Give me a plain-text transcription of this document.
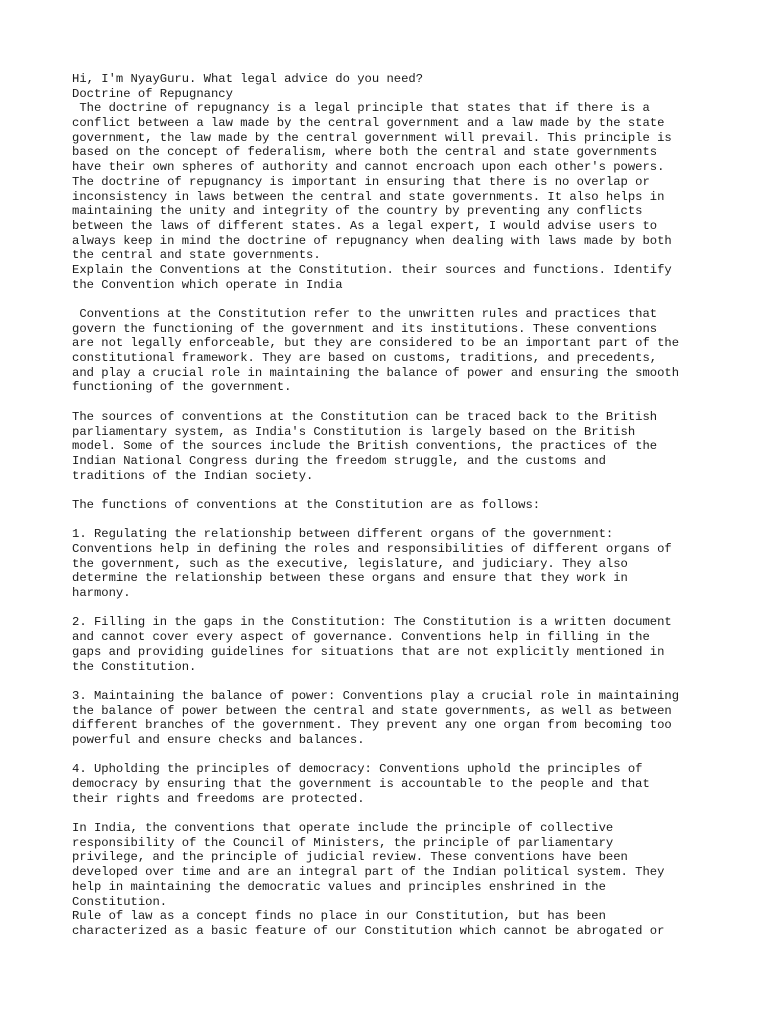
Hi, I'm NyayGuru. What legal advice do you need?
Doctrine of Repugnancy
The doctrine of repugnancy is a legal principle that states that if there is a
conflict between a law made by the central government and a law made by the state
government, the law made by the central government will prevail. This principle is
based on the concept of federalism, where both the central and state governments
have their own spheres of authority and cannot encroach upon each other's powers.
The doctrine of repugnancy is important in ensuring that there is no overlap or
inconsistency in laws between the central and state governments. It also helps in
maintaining the unity and integrity of the country by preventing any conflicts
between the laws of different states. As a legal expert, I would advise users to
always keep in mind the doctrine of repugnancy when dealing with laws made by both
the central and state governments.
Explain the Conventions at the Constitution. their sources and functions. Identify
the Convention which operate in India
Conventions at the Constitution refer to the unwritten rules and practices that
govern the functioning of the government and its institutions. These conventions
are not legally enforceable, but they are considered to be an important part of the
constitutional framework. They are based on customs, traditions, and precedents,
and play a crucial role in maintaining the balance of power and ensuring the smooth
functioning of the government.
The sources of conventions at the Constitution can be traced back to the British
parliamentary system, as India's Constitution is largely based on the British
model. Some of the sources include the British conventions, the practices of the
Indian National Congress during the freedom struggle, and the customs and
traditions of the Indian society.
The functions of conventions at the Constitution are as follows:
1. Regulating the relationship between different organs of the government:
Conventions help in defining the roles and responsibilities of different organs of
the government, such as the executive, legislature, and judiciary. They also
determine the relationship between these organs and ensure that they work in
harmony.
2. Filling in the gaps in the Constitution: The Constitution is a written document
and cannot cover every aspect of governance. Conventions help in filling in the
gaps and providing guidelines for situations that are not explicitly mentioned in
the Constitution.
3. Maintaining the balance of power: Conventions play a crucial role in maintaining
the balance of power between the central and state governments, as well as between
different branches of the government. They prevent any one organ from becoming too
powerful and ensure checks and balances.
4. Upholding the principles of democracy: Conventions uphold the principles of
democracy by ensuring that the government is accountable to the people and that
their rights and freedoms are protected.
In India, the conventions that operate include the principle of collective
responsibility of the Council of Ministers, the principle of parliamentary
privilege, and the principle of judicial review. These conventions have been
developed over time and are an integral part of the Indian political system. They
help in maintaining the democratic values and principles enshrined in the
Constitution.
Rule of law as a concept finds no place in our Constitution, but has been
characterized as a basic feature of our Constitution which cannot be abrogated or
